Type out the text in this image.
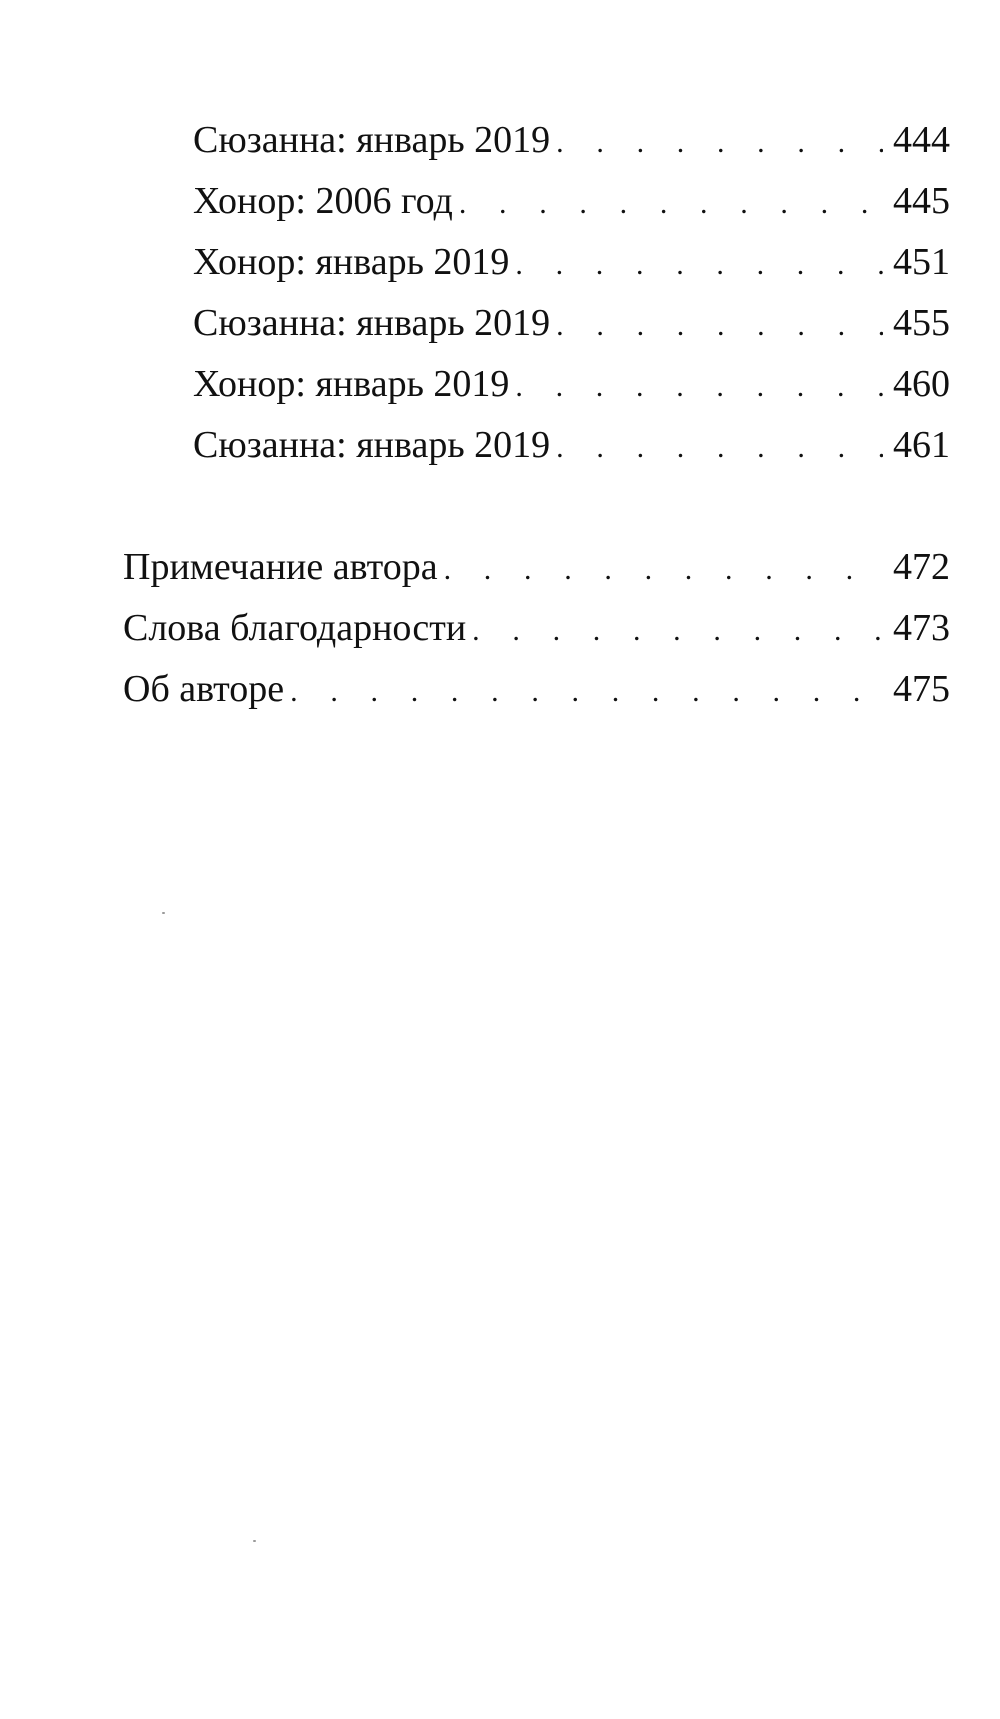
Сюзанна: январь 2019 . . .	444
Хонор: 2006 год . . .	445
Хонор: январь 2019 . . .	451
Сюзанна: январь 2019 . . .	455
Хонор: январь 2019 . . .	460
Сюзанна: январь 2019 . . .	461
Примечание автора . . .	472
Слова благодарности . . .	473
Об авторе . . .	475
